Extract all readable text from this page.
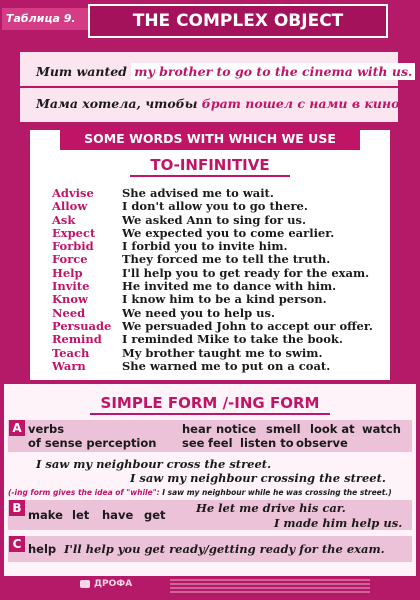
Таблица 9.	THE COMPLEX OBJECT
Mum wanted my brother to go to the cinema with us.
Мама хотела, чтобы брат пошел с нами в кино.
SOME WORDS WITH WHICH WE USE
TO-INFINITIVE
Advise	She advised me to wait.
Allow	I don't allow you to go there.
Ask	We asked Ann to sing for us.
Expect	We expected you to come earlier.
Forbid	I forbid you to invite him.
Force	They forced me to tell the truth.
Help	I'll help you to get ready for the exam.
Invite	He invited me to dance with him.
Know	I know him to be a kind person.
Need	We need you to help us.
Persuade We persuaded John to accept our offer.
Remind	I reminded Mike to take the book.
Teach	My brother taught me to swim.
Warn	She warned me to put on a coat.
SIMPLE FORM /-ING FORM
A verbs
of sense perception
hear notice smell look at watch
see feel listen to observe
I saw my neighbour cross the street.
I saw my neighbour crossing the street.
(-ing form gives the idea of "while": I saw my neighbour while he was crossing the street.)
B make let have get	He let me drive his car.
I made him help us.
C help I'll help you get ready/getting ready for the exam.
ДРОФА
